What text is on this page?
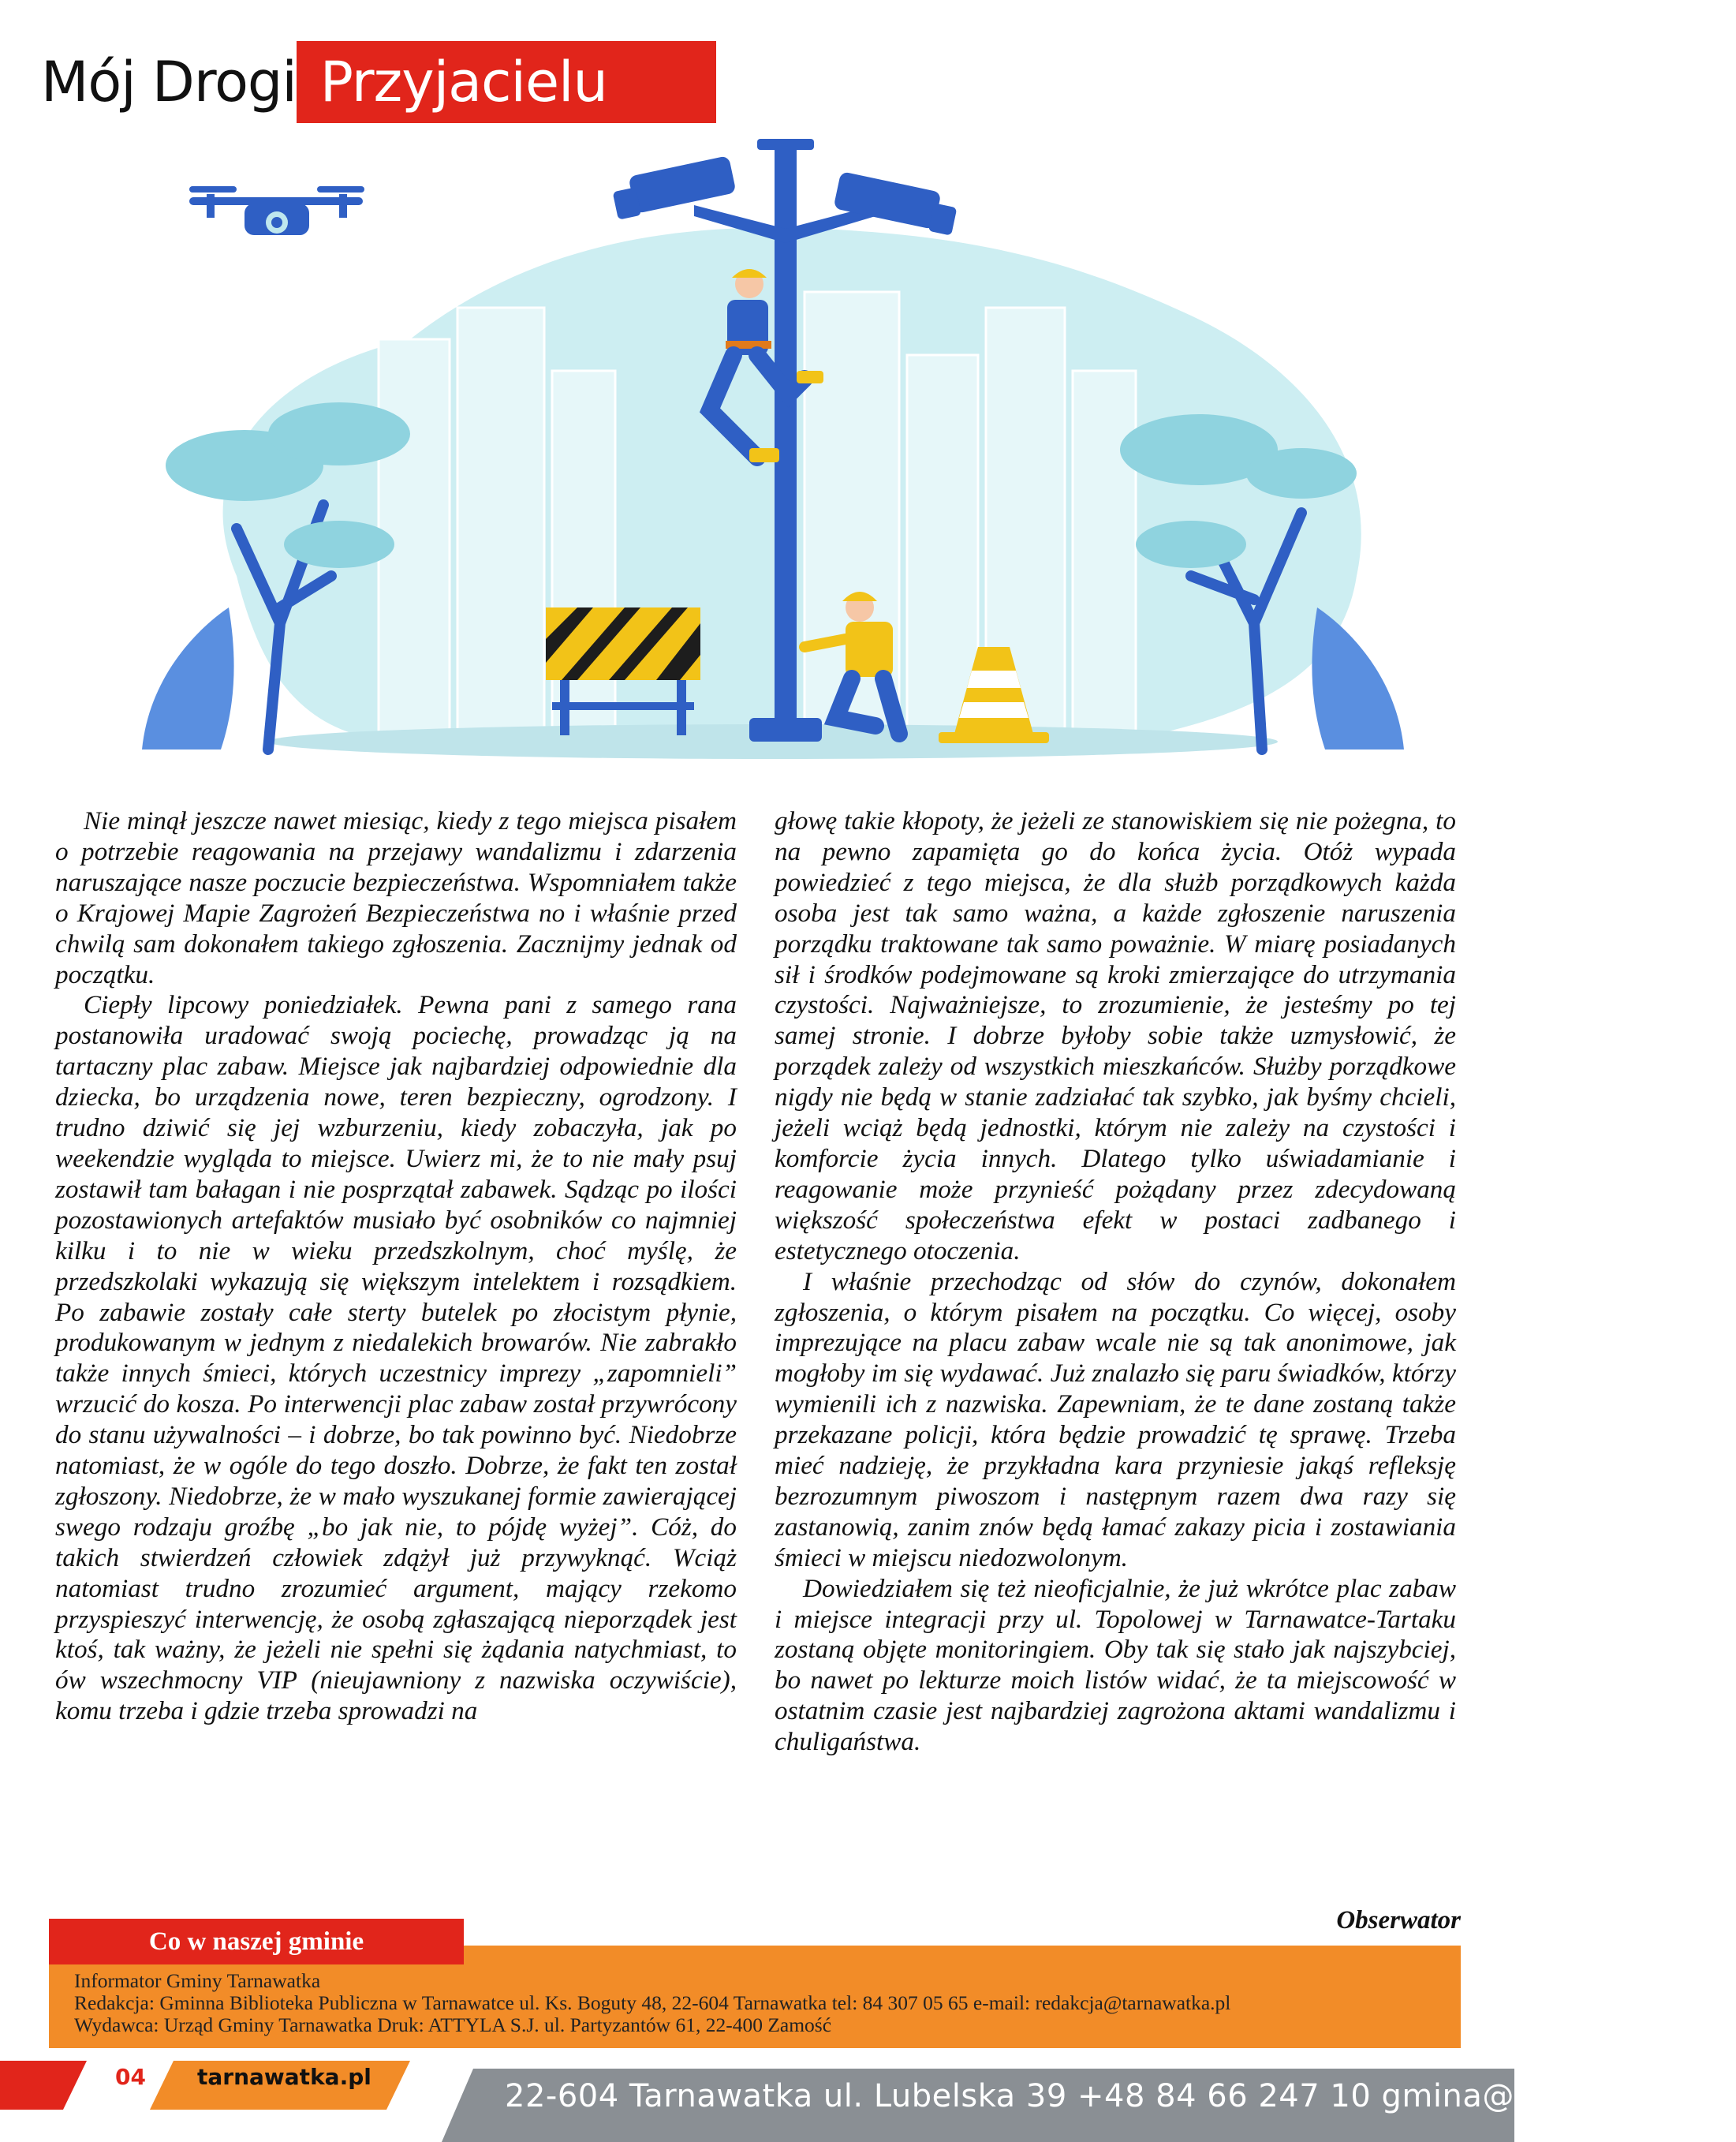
Mój Drogi Przyjacielu

Nie minął jeszcze nawet miesiąc, kiedy z tego miejsca pisałem o potrzebie reagowania na przejawy wandalizmu i zdarzenia naruszające nasze poczucie bezpieczeństwa. Wspomniałem także o Krajowej Mapie Zagrożeń Bezpieczeństwa no i właśnie przed chwilą sam dokonałem takiego zgłoszenia. Zacznijmy jednak od początku.

Ciepły lipcowy poniedziałek. Pewna pani z samego rana postanowiła uradować swoją pociechę, prowadząc ją na tartaczny plac zabaw. Miejsce jak najbardziej odpowiednie dla dziecka, bo urządzenia nowe, teren bezpieczny, ogrodzony. I trudno dziwić się jej wzburzeniu, kiedy zobaczyła, jak po weekendzie wygląda to miejsce. Uwierz mi, że to nie mały psuj zostawił tam bałagan i nie posprzątał zabawek. Sądząc po ilości pozostawionych artefaktów musiało być osobników co najmniej kilku i to nie w wieku przedszkolnym, choć myślę, że przedszkolaki wykazują się większym intelektem i rozsądkiem. Po zabawie zostały całe sterty butelek po złocistym płynie, produkowanym w jednym z niedalekich browarów. Nie zabrakło także innych śmieci, których uczestnicy imprezy „zapomnieli” wrzucić do kosza. Po interwencji plac zabaw został przywrócony do stanu używalności – i dobrze, bo tak powinno być. Niedobrze natomiast, że w ogóle do tego doszło. Dobrze, że fakt ten został zgłoszony. Niedobrze, że w mało wyszukanej formie zawierającej swego rodzaju groźbę „bo jak nie, to pójdę wyżej”. Cóż, do takich stwierdzeń człowiek zdążył już przywyknąć. Wciąż natomiast trudno zrozumieć argument, mający rzekomo przyspieszyć interwencję, że osobą zgłaszającą nieporządek jest ktoś, tak ważny, że jeżeli nie spełni się żądania natychmiast, to ów wszechmocny VIP (nieujawniony z nazwiska oczywiście), komu trzeba i gdzie trzeba sprowadzi na

głowę takie kłopoty, że jeżeli ze stanowiskiem się nie pożegna, to na pewno zapamięta go do końca życia. Otóż wypada powiedzieć z tego miejsca, że dla służb porządkowych każda osoba jest tak samo ważna, a każde zgłoszenie naruszenia porządku traktowane tak samo poważnie. W miarę posiadanych sił i środków podejmowane są kroki zmierzające do utrzymania czystości. Najważniejsze, to zrozumienie, że jesteśmy po tej samej stronie. I dobrze byłoby sobie także uzmysłowić, że porządek zależy od wszystkich mieszkańców. Służby porządkowe nigdy nie będą w stanie zadziałać tak szybko, jak byśmy chcieli, jeżeli wciąż będą jednostki, którym nie zależy na czystości i komforcie życia innych. Dlatego tylko uświadamianie i reagowanie może przynieść pożądany przez zdecydowaną większość społeczeństwa efekt w postaci zadbanego i estetycznego otoczenia.

I właśnie przechodząc od słów do czynów, dokonałem zgłoszenia, o którym pisałem na początku. Co więcej, osoby imprezujące na placu zabaw wcale nie są tak anonimowe, jak mogłoby im się wydawać. Już znalazło się paru świadków, którzy wymienili ich z nazwiska. Zapewniam, że te dane zostaną także przekazane policji, która będzie prowadzić tę sprawę. Trzeba mieć nadzieję, że przykładna kara przyniesie jakąś refleksję bezrozumnym piwoszom i następnym razem dwa razy się zastanowią, zanim znów będą łamać zakazy picia i zostawiania śmieci w miejscu niedozwolonym.

Dowiedziałem się też nieoficjalnie, że już wkrótce plac zabaw i miejsce integracji przy ul. Topolowej w Tarnawatce-Tartaku zostaną objęte monitoringiem. Oby tak się stało jak najszybciej, bo nawet po lekturze moich listów widać, że ta miejscowość w ostatnim czasie jest najbardziej zagrożona aktami wandalizmu i chuligaństwa.

Obserwator
Co w naszej gminie
Informator Gminy Tarnawatka
Redakcja: Gminna Biblioteka Publiczna w Tarnawatce ul. Ks. Boguty 48, 22-604 Tarnawatka tel: 84 307 05 65 e-mail: redakcja@tarnawatka.pl
Wydawca: Urząd Gminy Tarnawatka Druk: ATTYLA S.J. ul. Partyzantów 61, 22-400 Zamość
04 tarnawatka.pl
22-604 Tarnawatka ul. Lubelska 39 +48 84 66 247 10 gmina@tarnawatka.pl
